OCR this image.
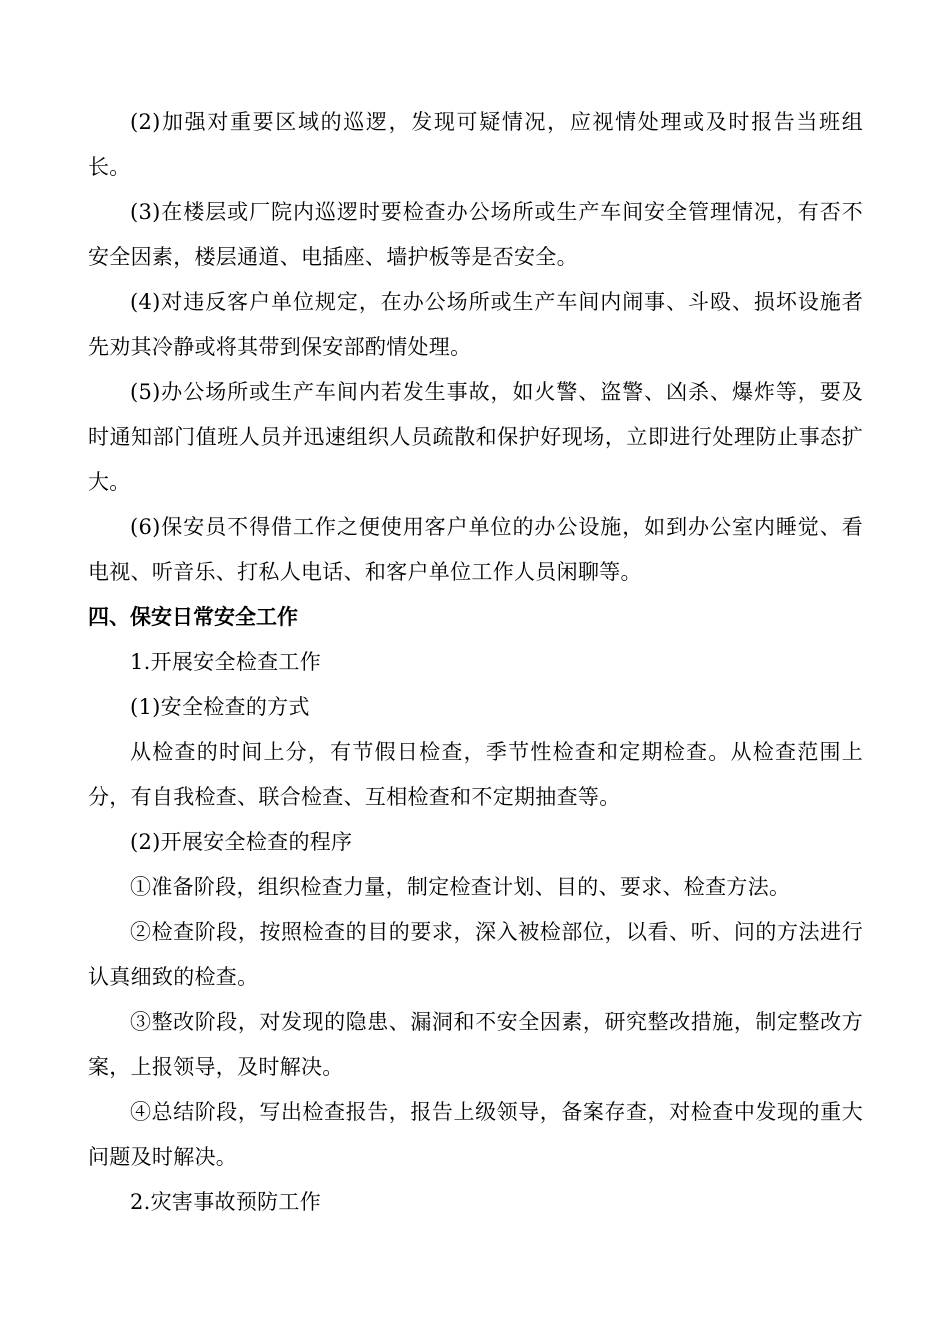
(2)加强对重要区域的巡逻，发现可疑情况，应视情处理或及时报告当班组长。

(3)在楼层或厂院内巡逻时要检查办公场所或生产车间安全管理情况，有否不安全因素，楼层通道、电插座、墙护板等是否安全。

(4)对违反客户单位规定，在办公场所或生产车间内闹事、斗殴、损坏设施者先劝其冷静或将其带到保安部酌情处理。

(5)办公场所或生产车间内若发生事故，如火警、盗警、凶杀、爆炸等，要及时通知部门值班人员并迅速组织人员疏散和保护好现场，立即进行处理防止事态扩大。

(6)保安员不得借工作之便使用客户单位的办公设施，如到办公室内睡觉、看电视、听音乐、打私人电话、和客户单位工作人员闲聊等。

四、保安日常安全工作

1.开展安全检查工作

(1)安全检查的方式

从检查的时间上分，有节假日检查，季节性检查和定期检查。从检查范围上分，有自我检查、联合检查、互相检查和不定期抽查等。

(2)开展安全检查的程序

①准备阶段，组织检查力量，制定检查计划、目的、要求、检查方法。

②检查阶段，按照检查的目的要求，深入被检部位，以看、听、问的方法进行认真细致的检查。

③整改阶段，对发现的隐患、漏洞和不安全因素，研究整改措施，制定整改方案，上报领导，及时解决。

④总结阶段，写出检查报告，报告上级领导，备案存查，对检查中发现的重大问题及时解决。

2.灾害事故预防工作
